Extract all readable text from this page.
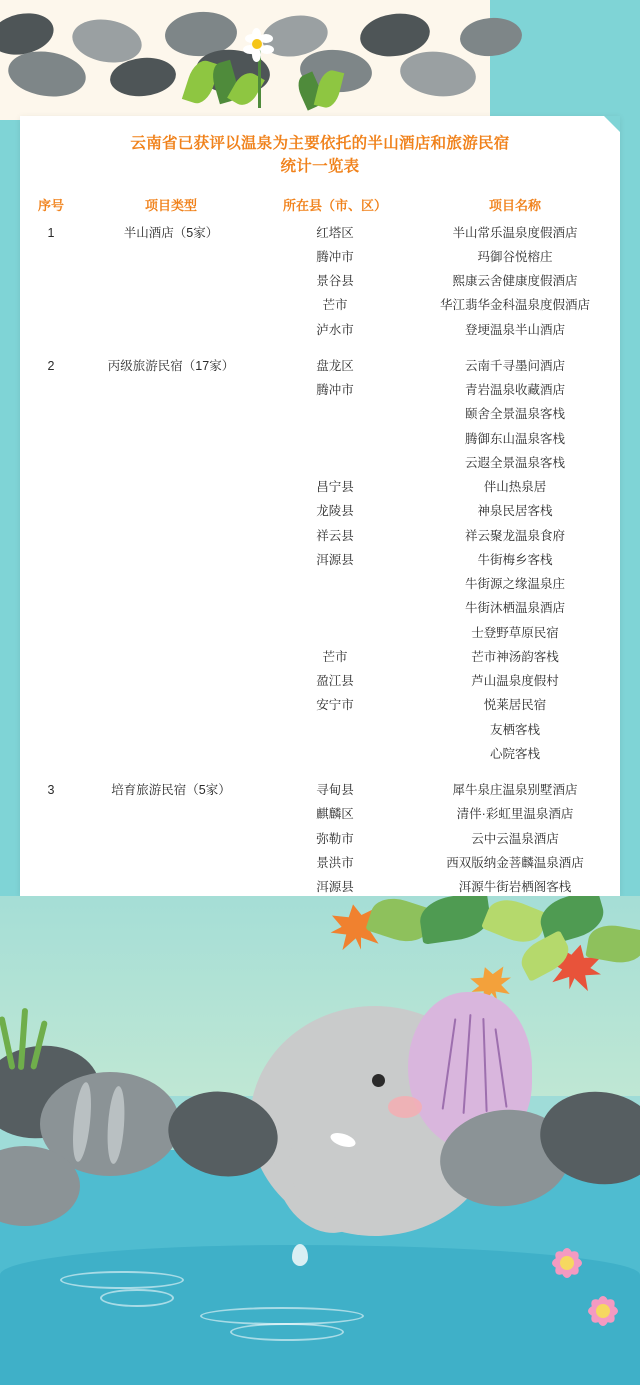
云南省已获评以温泉为主要依托的半山酒店和旅游民宿
统计一览表
序号	项目类型	所在县（市、区）	项目名称
1	半山酒店（5家）	红塔区	半山常乐温泉度假酒店
		腾冲市	玛御谷悦榕庄
		景谷县	熙康云舍健康度假酒店
		芒市	华江翡华金科温泉度假酒店
		泸水市	登埂温泉半山酒店
2	丙级旅游民宿（17家）	盘龙区	云南千寻墨问酒店
		腾冲市	青岩温泉收藏酒店
			颐舍全景温泉客栈
			腾御东山温泉客栈
			云遐全景温泉客栈
		昌宁县	伴山热泉居
		龙陵县	神泉民居客栈
		祥云县	祥云聚龙温泉食府
		洱源县	牛街梅乡客栈
			牛街源之缘温泉庄
			牛街沐栖温泉酒店
			士登野草原民宿
		芒市	芒市神汤韵客栈
		盈江县	芦山温泉度假村
		安宁市	悦莱居民宿
			友栖客栈
			心院客栈
3	培育旅游民宿（5家）	寻甸县	犀牛泉庄温泉别墅酒店
		麒麟区	清伴·彩虹里温泉酒店
		弥勒市	云中云温泉酒店
		景洪市	西双版纳金菩麟温泉酒店
		洱源县	洱源牛街岩栖阁客栈
